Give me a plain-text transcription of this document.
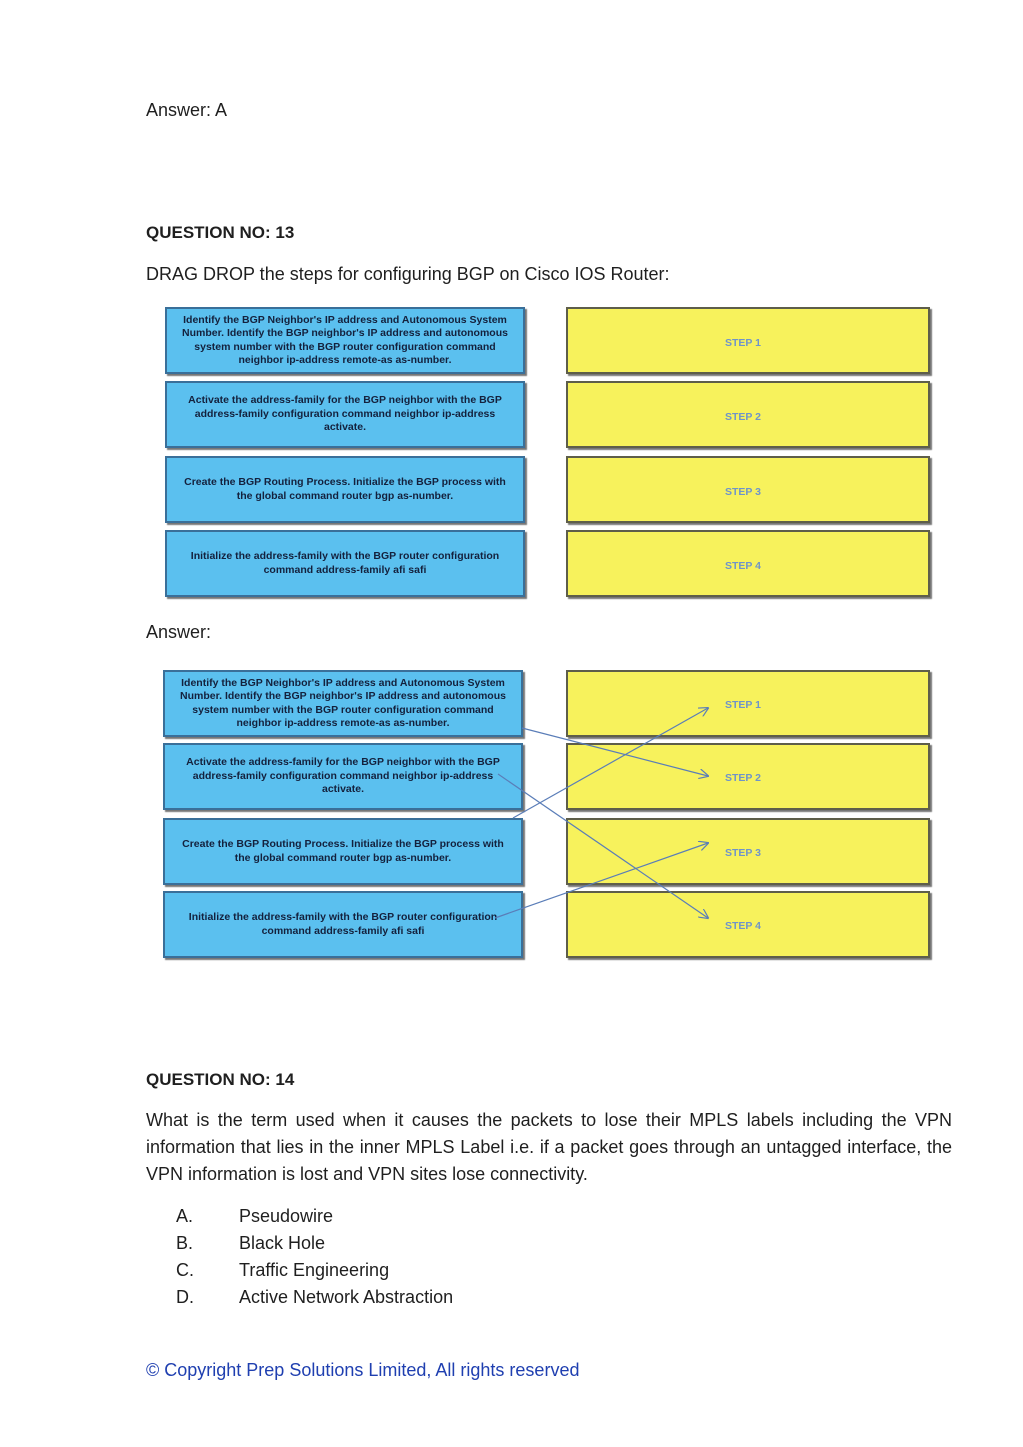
Answer: A
QUESTION NO: 13
DRAG DROP the steps for configuring BGP on Cisco IOS Router:
Identify the BGP Neighbor's IP address and Autonomous System Number. Identify the BGP neighbor's IP address and autonomous system number with the BGP router configuration command neighbor ip-address remote-as as-number.
Activate the address-family for the BGP neighbor with the BGP address-family configuration command neighbor ip-address activate.
Create the BGP Routing Process. Initialize the BGP process with the global command router bgp as-number.
Initialize the address-family with the BGP router configuration command address-family afi safi
STEP 1
STEP 2
STEP 3
STEP 4
Answer:
Identify the BGP Neighbor's IP address and Autonomous System Number. Identify the BGP neighbor's IP address and autonomous system number with the BGP router configuration command neighbor ip-address remote-as as-number.
Activate the address-family for the BGP neighbor with the BGP address-family configuration command neighbor ip-address activate.
Create the BGP Routing Process. Initialize the BGP process with the global command router bgp as-number.
Initialize the address-family with the BGP router configuration command address-family afi safi
STEP 1
STEP 2
STEP 3
STEP 4
QUESTION NO: 14
What is the term used when it causes the packets to lose their MPLS labels including the VPN information that lies in the inner MPLS Label i.e. if a packet goes through an untagged interface, the VPN information is lost and VPN sites lose connectivity.
A.	Pseudowire
B.	Black Hole
C.	Traffic Engineering
D.	Active Network Abstraction
© Copyright Prep Solutions Limited, All rights reserved
